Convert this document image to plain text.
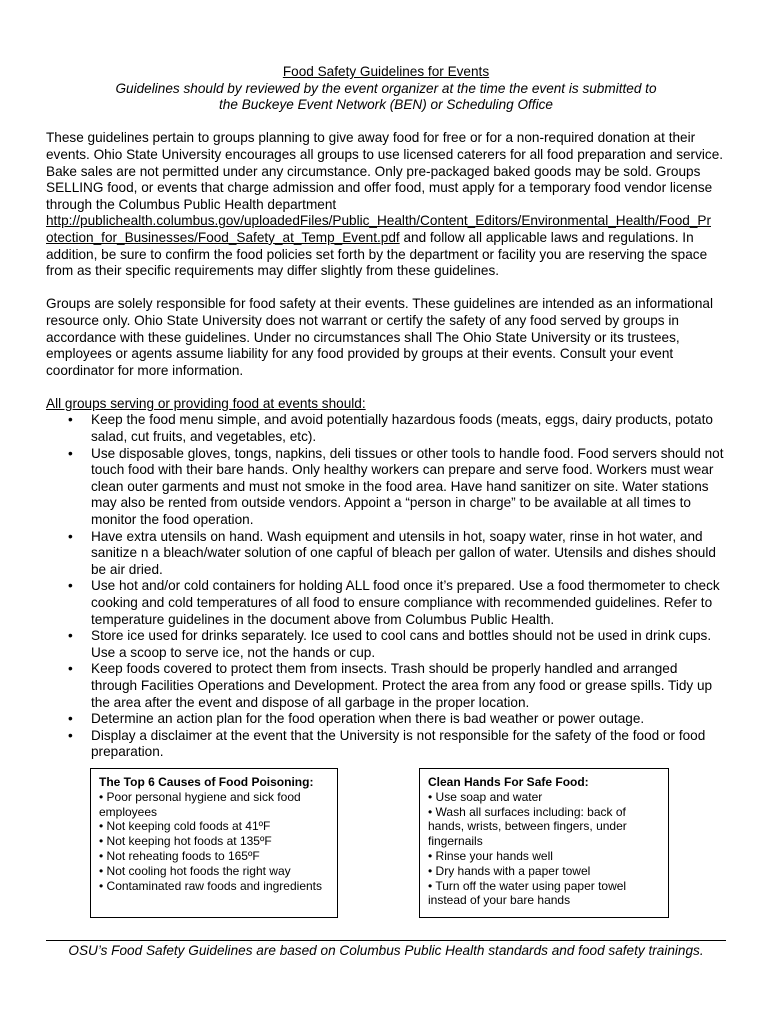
Food Safety Guidelines for Events

Guidelines should by reviewed by the event organizer at the time the event is submitted to

the Buckeye Event Network (BEN) or Scheduling Office

These guidelines pertain to groups planning to give away food for free or for a non-required donation at their events. Ohio State University encourages all groups to use licensed caterers for all food preparation and service. Bake sales are not permitted under any circumstance. Only pre-packaged baked goods may be sold. Groups SELLING food, or events that charge admission and offer food, must apply for a temporary food vendor license through the Columbus Public Health department http://publichealth.columbus.gov/uploadedFiles/Public_Health/Content_Editors/Environmental_Health/Food_Pr
otection_for_Businesses/Food_Safety_at_Temp_Event.pdf and follow all applicable laws and regulations. In addition, be sure to confirm the food policies set forth by the department or facility you are reserving the space from as their specific requirements may differ slightly from these guidelines.

Groups are solely responsible for food safety at their events. These guidelines are intended as an informational resource only. Ohio State University does not warrant or certify the safety of any food served by groups in accordance with these guidelines. Under no circumstances shall The Ohio State University or its trustees, employees or agents assume liability for any food provided by groups at their events. Consult your event coordinator for more information.

All groups serving or providing food at events should:

• Keep the food menu simple, and avoid potentially hazardous foods (meats, eggs, dairy products, potato salad, cut fruits, and vegetables, etc).
• Use disposable gloves, tongs, napkins, deli tissues or other tools to handle food. Food servers should not touch food with their bare hands. Only healthy workers can prepare and serve food. Workers must wear clean outer garments and must not smoke in the food area. Have hand sanitizer on site. Water stations may also be rented from outside vendors. Appoint a “person in charge” to be available at all times to monitor the food operation.
• Have extra utensils on hand. Wash equipment and utensils in hot, soapy water, rinse in hot water, and sanitize n a bleach/water solution of one capful of bleach per gallon of water. Utensils and dishes should be air dried.
• Use hot and/or cold containers for holding ALL food once it’s prepared. Use a food thermometer to check cooking and cold temperatures of all food to ensure compliance with recommended guidelines. Refer to temperature guidelines in the document above from Columbus Public Health.
• Store ice used for drinks separately. Ice used to cool cans and bottles should not be used in drink cups. Use a scoop to serve ice, not the hands or cup.
• Keep foods covered to protect them from insects. Trash should be properly handled and arranged through Facilities Operations and Development. Protect the area from any food or grease spills. Tidy up the area after the event and dispose of all garbage in the proper location.
• Determine an action plan for the food operation when there is bad weather or power outage.
• Display a disclaimer at the event that the University is not responsible for the safety of the food or food preparation.
The Top 6 Causes of Food Poisoning:
• Poor personal hygiene and sick food employees
• Not keeping cold foods at 41ºF
• Not keeping hot foods at 135ºF
• Not reheating foods to 165ºF
• Not cooling hot foods the right way
• Contaminated raw foods and ingredients
Clean Hands For Safe Food:
• Use soap and water
• Wash all surfaces including: back of hands, wrists, between fingers, under fingernails
• Rinse your hands well
• Dry hands with a paper towel
• Turn off the water using paper towel instead of your bare hands
OSU’s Food Safety Guidelines are based on Columbus Public Health standards and food safety trainings.
